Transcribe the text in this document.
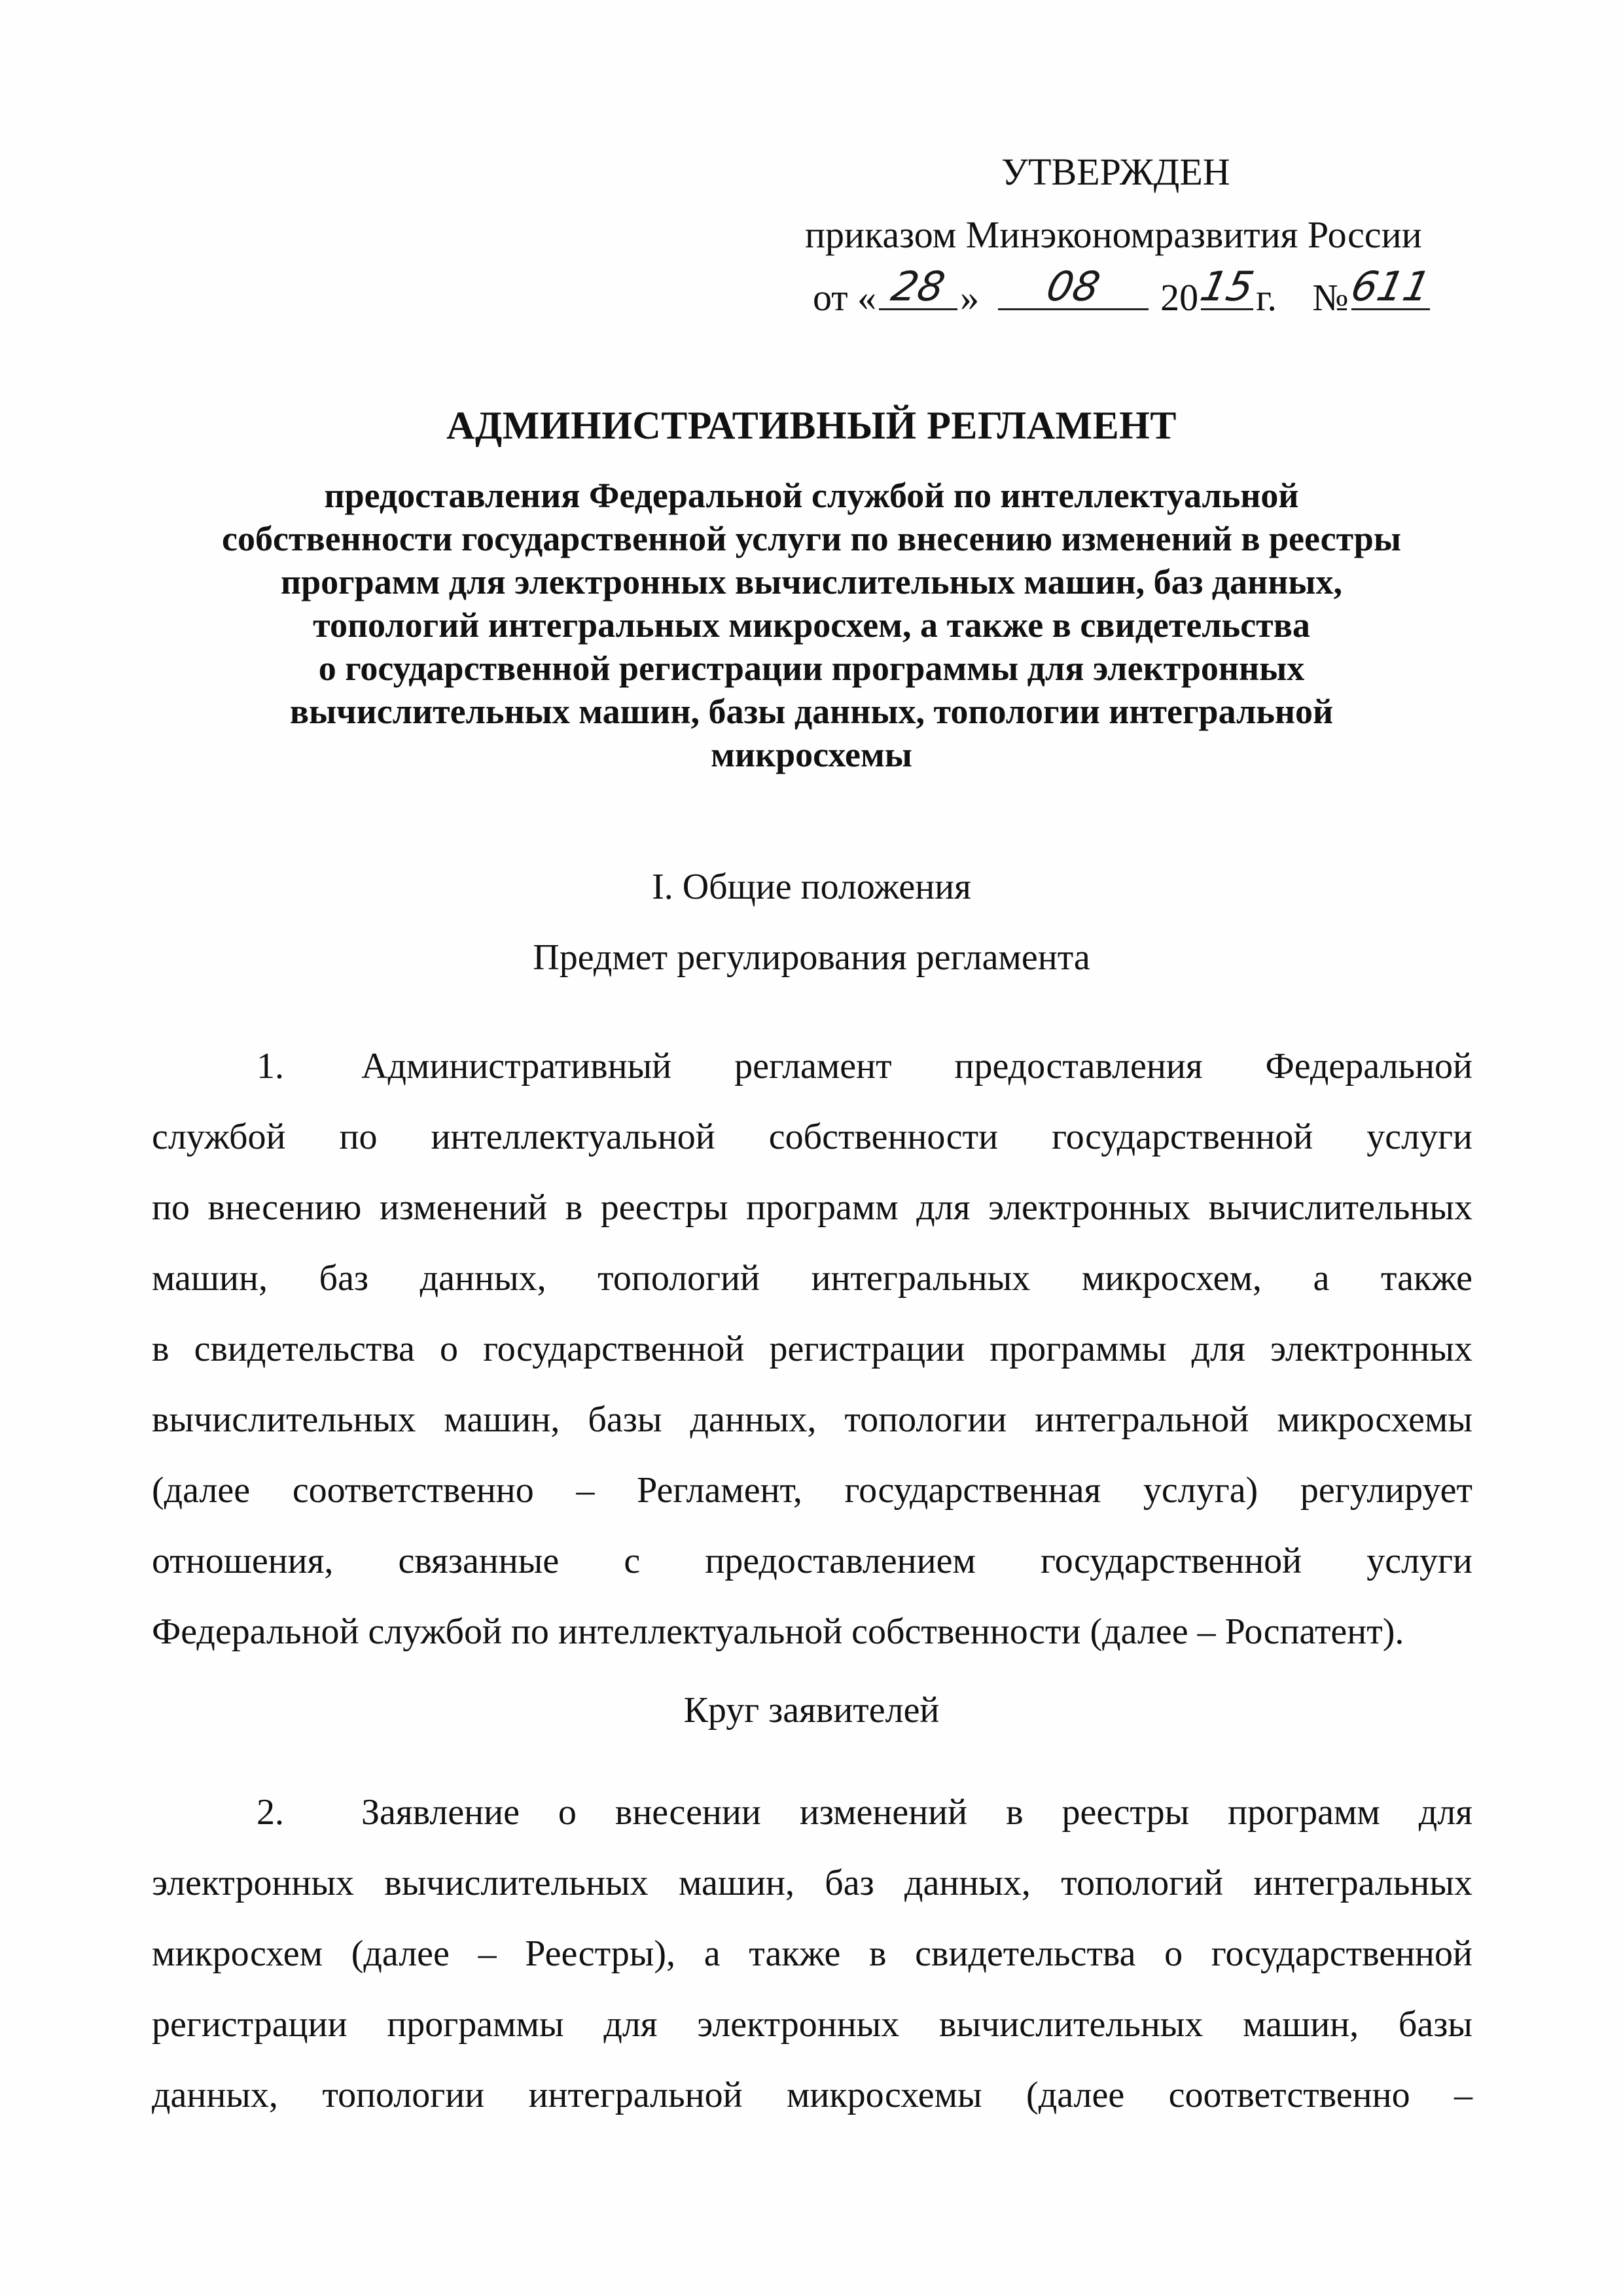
УТВЕРЖДЕН
приказом Минэкономразвития России
от « 28 »	08	20
15
г. №
611
АДМИНИСТРАТИВНЫЙ РЕГЛАМЕНТ
предоставления Федеральной службой по интеллектуальной
собственности государственной услуги по внесению изменений в реестры
программ для электронных вычислительных машин, баз данных,
топологий интегральных микросхем, а также в свидетельства
о государственной регистрации программы для электронных
вычислительных машин, базы данных, топологии интегральной
микросхемы
I. Общие положения
Предмет регулирования регламента
1. Административный регламент предоставления Федеральной
службой по интеллектуальной собственности государственной услуги
по внесению изменений в реестры программ для электронных вычислительных
машин, баз данных, топологий интегральных микросхем, а также
в свидетельства о государственной регистрации программы для электронных
вычислительных машин, базы данных, топологии интегральной микросхемы
(далее соответственно – Регламент, государственная услуга) регулирует
отношения, связанные с предоставлением государственной услуги
Федеральной службой по интеллектуальной собственности (далее – Роспатент).
Круг заявителей
2. Заявление о внесении изменений в реестры программ для
электронных вычислительных машин, баз данных, топологий интегральных
микросхем (далее – Реестры), а также в свидетельства о государственной
регистрации программы для электронных вычислительных машин, базы
данных, топологии интегральной микросхемы (далее соответственно –
